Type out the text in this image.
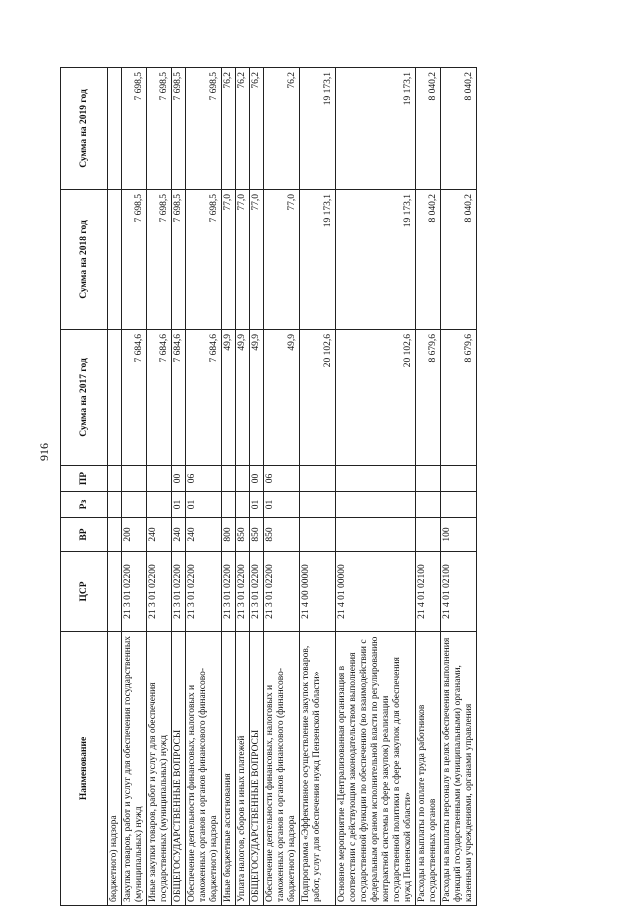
916
Наименование	ЦСР	ВР	Рз	ПР	Сумма на 2017 год	Сумма на 2018 год	Сумма на 2019 год
бюджетного) надзора							
Закупка товаров, работ и услуг для обеспечения государственных (муниципальных) нужд	21 3 01 02200	200			7 684,6	7 698,5	7 698,5
Иные закупки товаров, работ и услуг для обеспечения государственных (муниципальных) нужд	21 3 01 02200	240			7 684,6	7 698,5	7 698,5
ОБЩЕГОСУДАРСТВЕННЫЕ ВОПРОСЫ	21 3 01 02200	240	01	00	7 684,6	7 698,5	7 698,5
Обеспечение деятельности финансовых, налоговых и таможенных органов и органов финансового (финансово-бюджетного) надзора	21 3 01 02200	240	01	06	7 684,6	7 698,5	7 698,5
Иные бюджетные ассигнования	21 3 01 02200	800			49,9	77,0	76,2
Уплата налогов, сборов и иных платежей	21 3 01 02200	850			49,9	77,0	76,2
ОБЩЕГОСУДАРСТВЕННЫЕ ВОПРОСЫ	21 3 01 02200	850	01	00	49,9	77,0	76,2
Обеспечение деятельности финансовых, налоговых и таможенных органов и органов финансового (финансово-бюджетного) надзора	21 3 01 02200	850	01	06	49,9	77,0	76,2
Подпрограмма «Эффективное осуществление закупок товаров, работ, услуг для обеспечения нужд Пензенской области»	21 4 00 00000				20 102,6	19 173,1	19 173,1
Основное мероприятие «Централизованная организация в соответствии с действующим законодательством выполнения государственной функции по обеспечению (во взаимодействии с федеральным органом исполнительной власти по регулированию контрактной системы в сфере закупок) реализации государственной политики в сфере закупок для обеспечения нужд Пензенской области»	21 4 01 00000				20 102,6	19 173,1	19 173,1
Расходы на выплаты по оплате труда работников государственных органов	21 4 01 02100				8 679,6	8 040,2	8 040,2
Расходы на выплаты персоналу в целях обеспечения выполнения функций государственными (муниципальными) органами, казенными учреждениями, органами управления	21 4 01 02100	100			8 679,6	8 040,2	8 040,2
